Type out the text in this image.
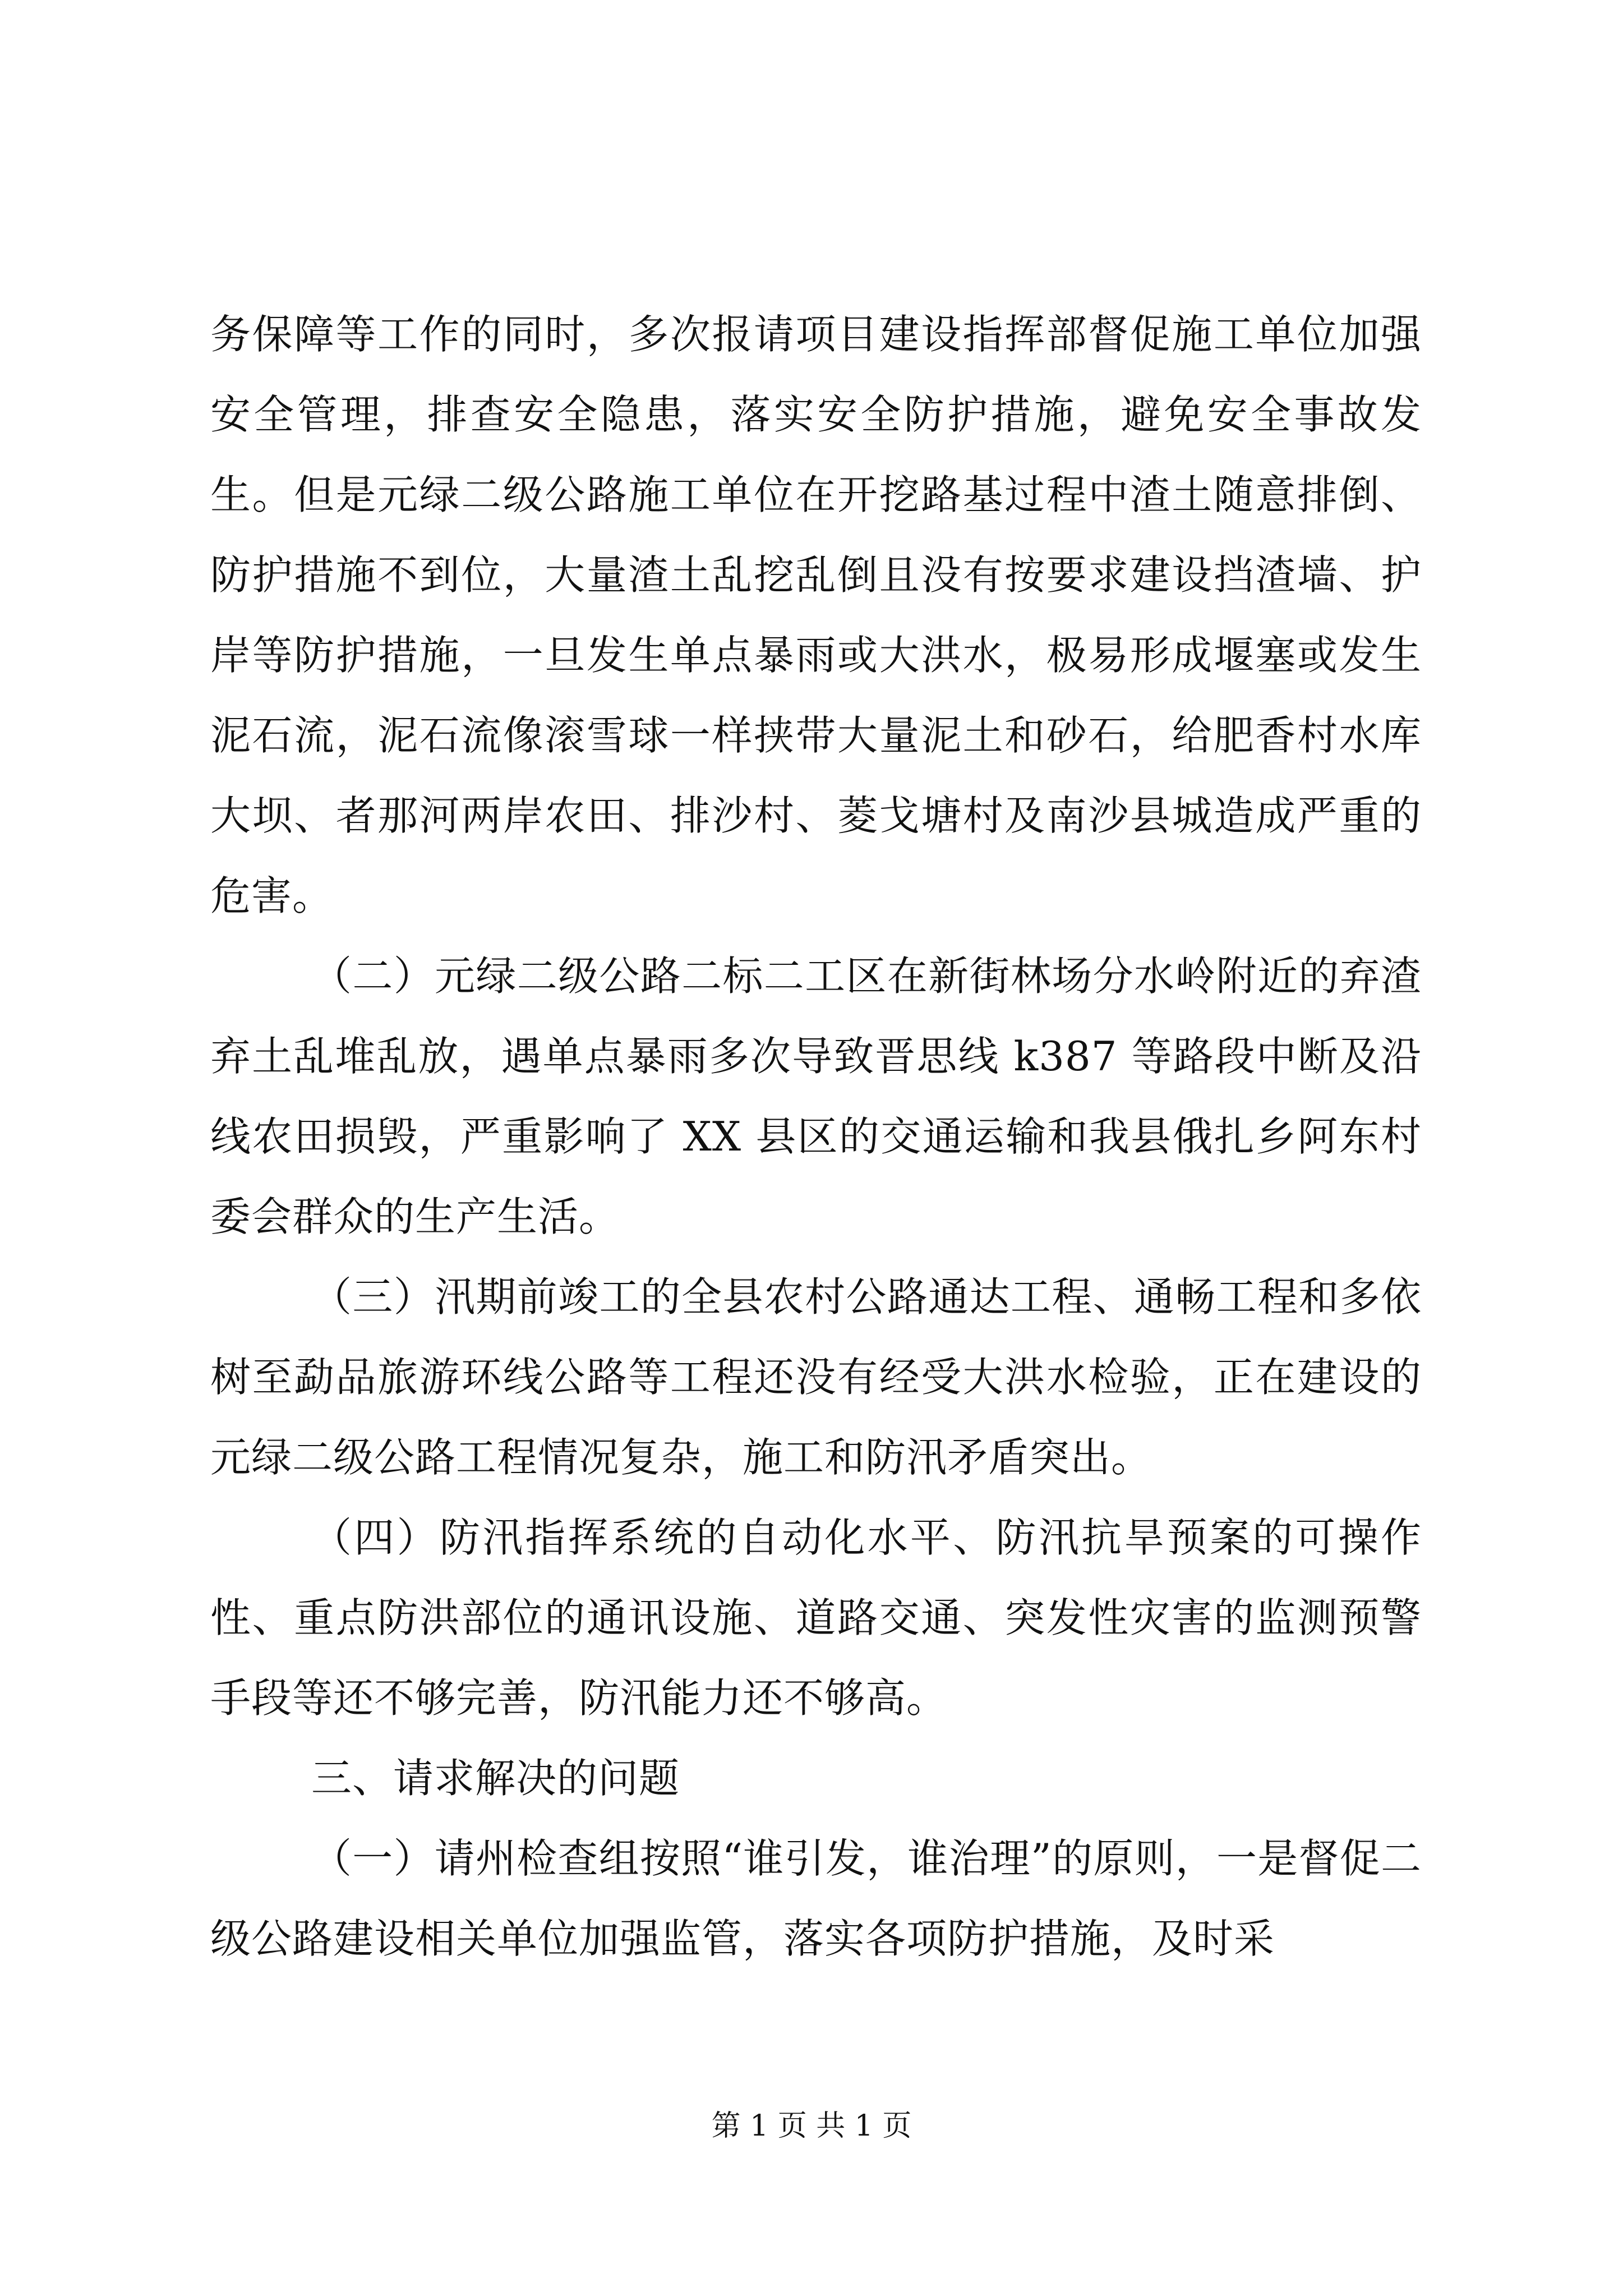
务保障等工作的同时，多次报请项目建设指挥部督促施工单位加强安全管理，排查安全隐患，落实安全防护措施，避免安全事故发生。但是元绿二级公路施工单位在开挖路基过程中渣土随意排倒、防护措施不到位，大量渣土乱挖乱倒且没有按要求建设挡渣墙、护岸等防护措施，一旦发生单点暴雨或大洪水，极易形成堰塞或发生泥石流，泥石流像滚雪球一样挟带大量泥土和砂石，给肥香村水库大坝、者那河两岸农田、排沙村、菱戈塘村及南沙县城造成严重的危害。

（二）元绿二级公路二标二工区在新街林场分水岭附近的弃渣弃土乱堆乱放，遇单点暴雨多次导致晋思线 k387 等路段中断及沿线农田损毁，严重影响了 XX 县区的交通运输和我县俄扎乡阿东村委会群众的生产生活。

（三）汛期前竣工的全县农村公路通达工程、通畅工程和多依树至勐品旅游环线公路等工程还没有经受大洪水检验，正在建设的元绿二级公路工程情况复杂，施工和防汛矛盾突出。

（四）防汛指挥系统的自动化水平、防汛抗旱预案的可操作性、重点防洪部位的通讯设施、道路交通、突发性灾害的监测预警手段等还不够完善，防汛能力还不够高。

三、请求解决的问题

（一）请州检查组按照“谁引发，谁治理”的原则，一是督促二级公路建设相关单位加强监管，落实各项防护措施，及时采

第 1 页 共 1 页
